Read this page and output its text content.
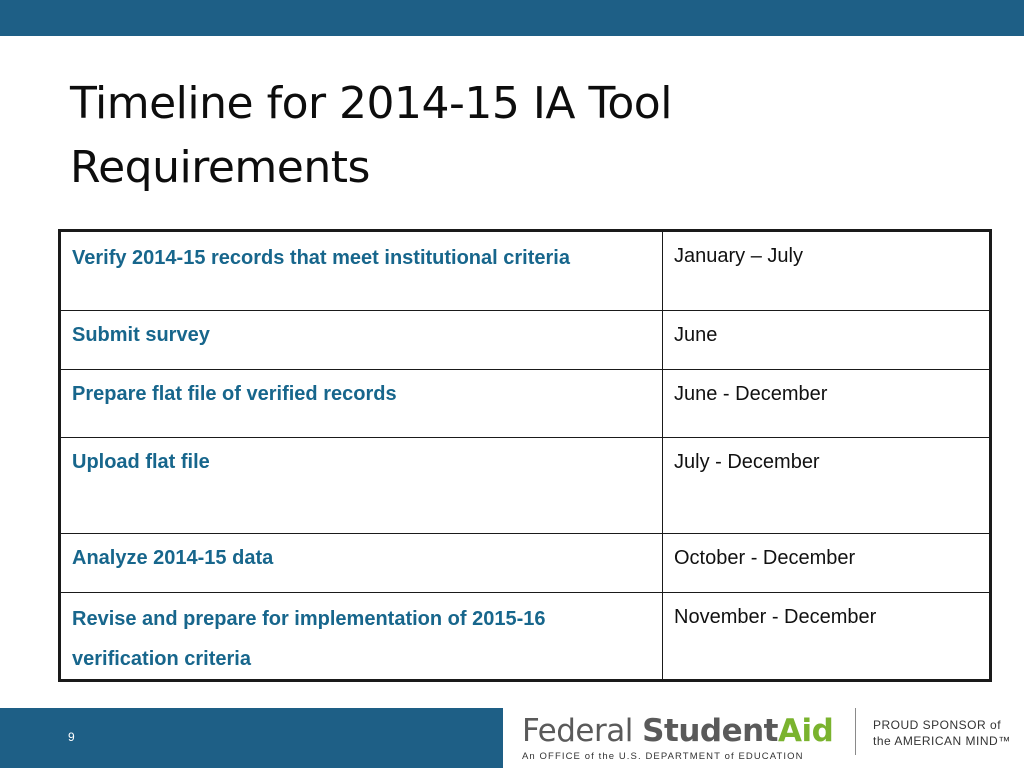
Timeline for 2014-15 IA Tool
Requirements
Verify 2014-15 records that meet institutional criteria	January – July
Submit survey	June
Prepare flat file of verified records	June - December
Upload flat file	July - December
Analyze 2014-15 data	October - December
Revise and prepare for implementation of 2015-16 verification criteria	November - December
9	Federal StudentAid
An OFFICE of the U.S. DEPARTMENT of EDUCATION
PROUD SPONSOR of
the AMERICAN MIND™
